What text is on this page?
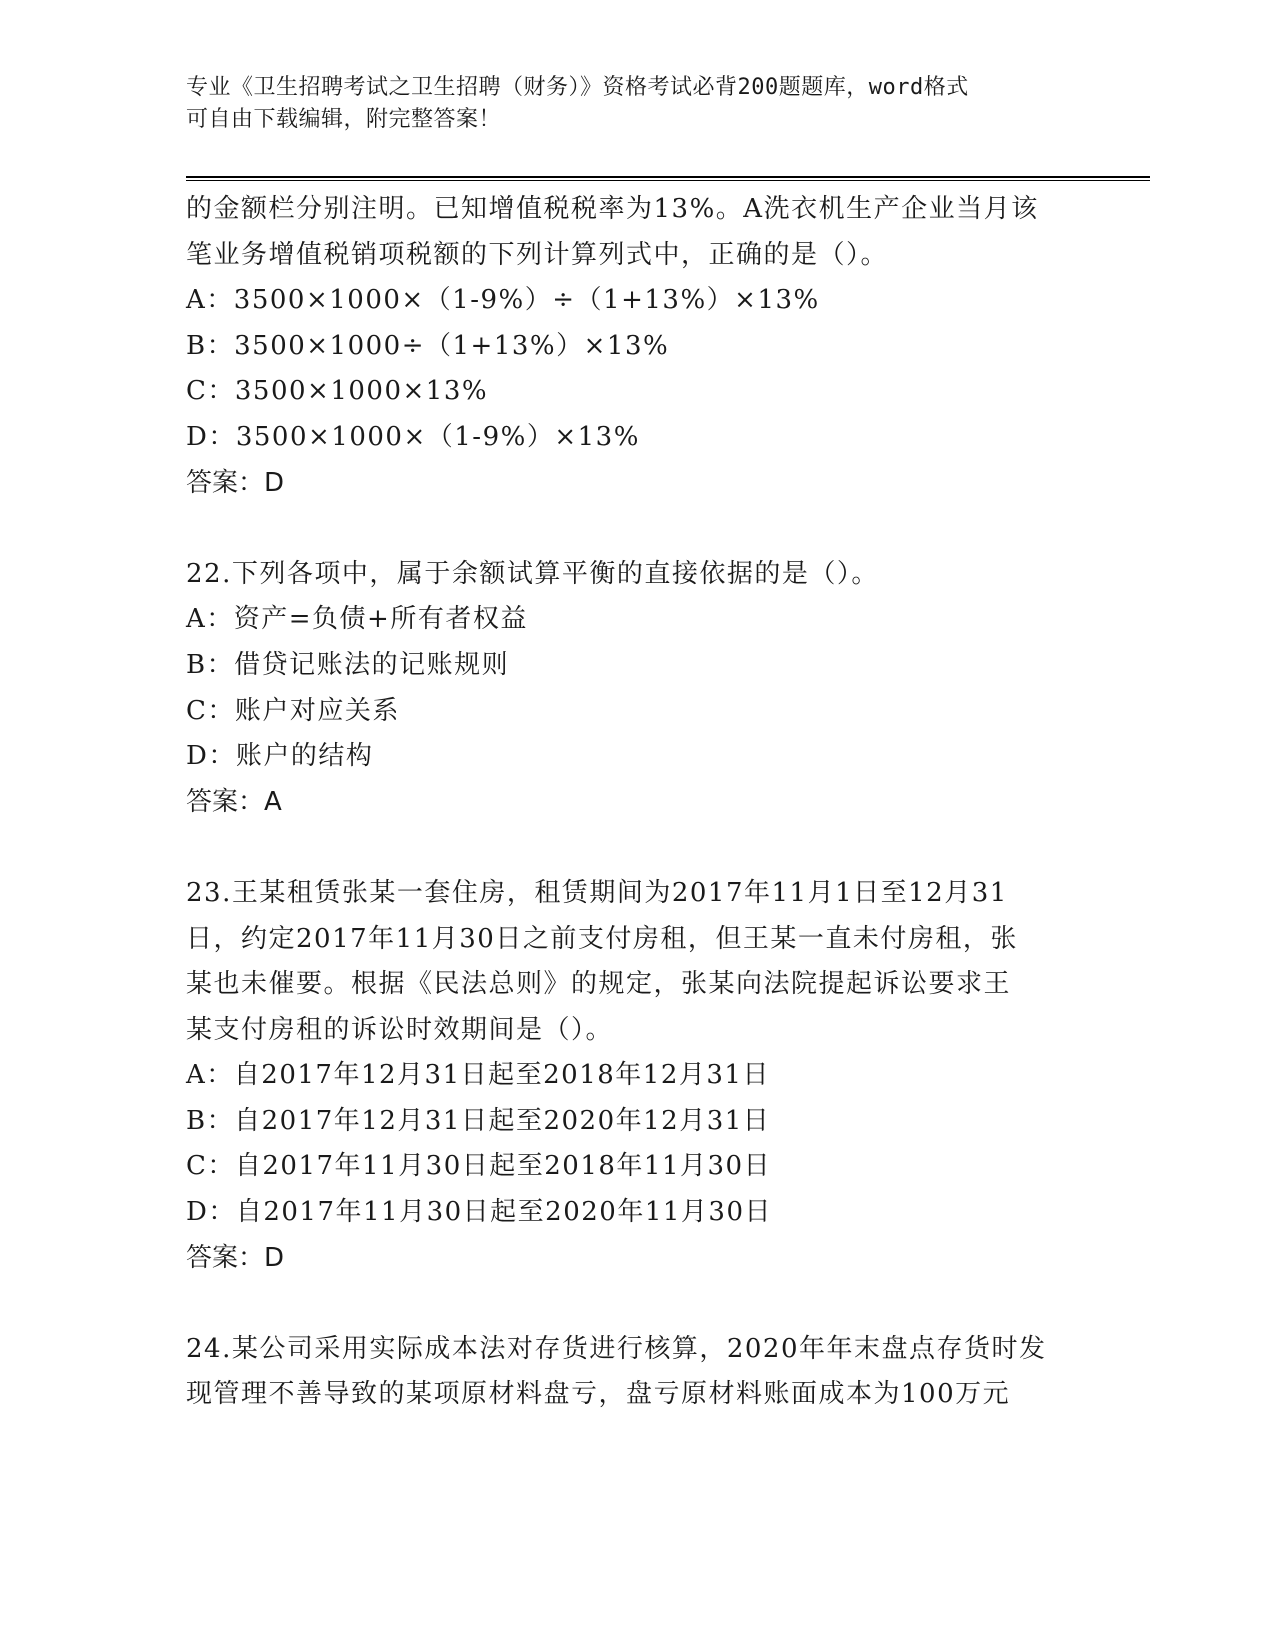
专业《卫生招聘考试之卫生招聘（财务）》资格考试必背200题题库，word格式
可自由下载编辑，附完整答案！
的金额栏分别注明。已知增值税税率为13%。A洗衣机生产企业当月该
笔业务增值税销项税额的下列计算列式中，正确的是（）。
A：3500×1000×（1-9%）÷（1+13%）×13%
B：3500×1000÷（1+13%）×13%
C：3500×1000×13%
D：3500×1000×（1-9%）×13%
答案：D
22.下列各项中，属于余额试算平衡的直接依据的是（）。
A：资产=负债+所有者权益
B：借贷记账法的记账规则
C：账户对应关系
D：账户的结构
答案：A
23.王某租赁张某一套住房，租赁期间为2017年11月1日至12月31
日，约定2017年11月30日之前支付房租，但王某一直未付房租，张
某也未催要。根据《民法总则》的规定，张某向法院提起诉讼要求王
某支付房租的诉讼时效期间是（）。
A：自2017年12月31日起至2018年12月31日
B：自2017年12月31日起至2020年12月31日
C：自2017年11月30日起至2018年11月30日
D：自2017年11月30日起至2020年11月30日
答案：D
24.某公司采用实际成本法对存货进行核算，2020年年末盘点存货时发
现管理不善导致的某项原材料盘亏，盘亏原材料账面成本为100万元
